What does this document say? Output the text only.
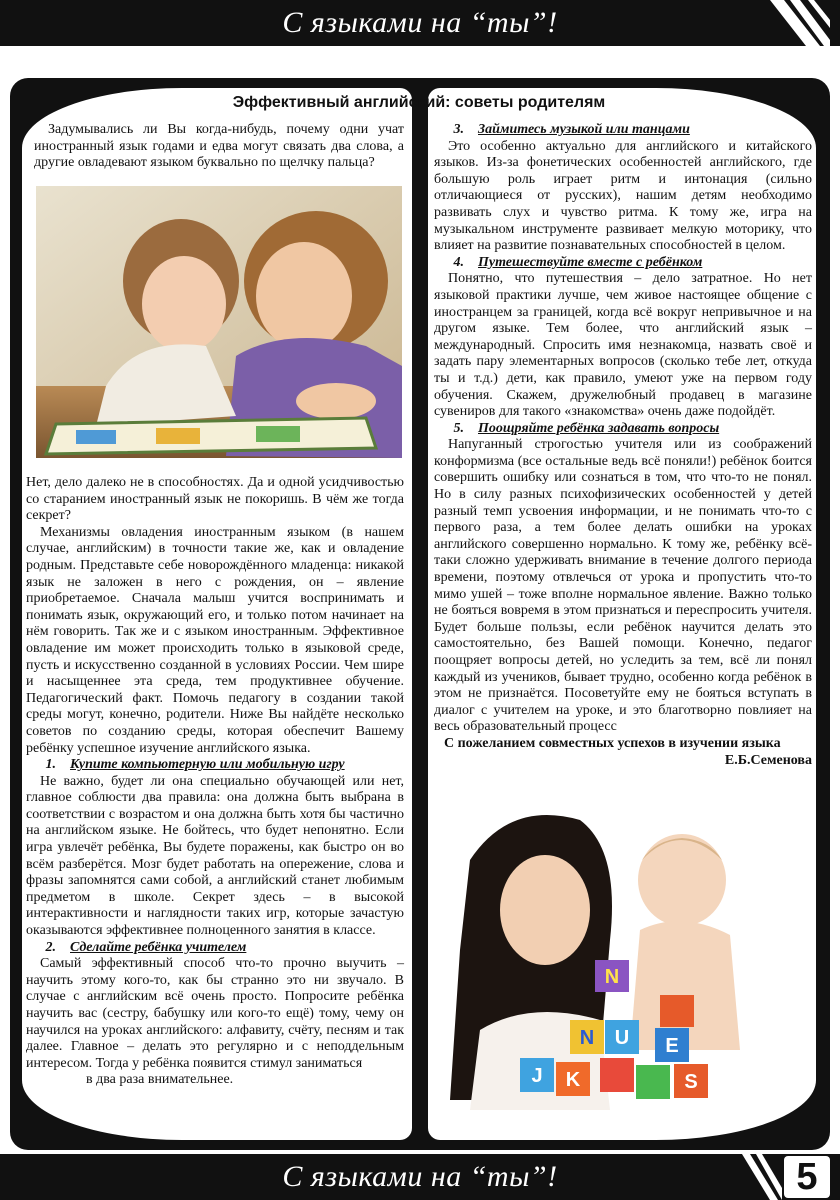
С языками на “ты”!
Эффективный английский: советы родителям

Задумывались ли Вы когда-нибудь, почему одни учат иностранный язык годами и едва могут связать два слова, а другие овладевают языком буквально по щелчку пальца?

Нет, дело далеко не в способностях. Да и одной усидчивостью со старанием иностранный язык не покоришь. В чём же тогда секрет?

Механизмы овладения иностранным языком (в нашем случае, английским) в точности такие же, как и овладение родным. Представьте себе новорождённого младенца: никакой язык не заложен в него с рождения, он – явление приобретаемое. Сначала малыш учится воспринимать и понимать язык, окружающий его, и только потом начинает на нём говорить. Так же и с языком иностранным. Эффективное овладение им может происходить только в языковой среде, пусть и искусственно созданной в условиях России. Чем шире и насыщеннее эта среда, тем продуктивнее обучение. Педагогический факт. Помочь педагогу в создании такой среды могут, конечно, родители. Ниже Вы найдёте несколько советов по созданию среды, которая обеспечит Вашему ребёнку успешное изучение английского языка.

1. Купите компьютерную или мобильную игру

Не важно, будет ли она специально обучающей или нет, главное соблюсти два правила: она должна быть выбрана в соответствии с возрастом и она должна быть хотя бы частично на английском языке. Не бойтесь, что будет непонятно. Если игра увлечёт ребёнка, Вы будете поражены, как быстро он во всём разберётся. Мозг будет работать на опережение, слова и фразы запомнятся сами собой, а английский станет любимым предметом в школе. Секрет здесь – в высокой интерактивности и наглядности таких игр, которые зачастую оказываются эффективнее полноценного занятия в классе.

2. Сделайте ребёнка учителем

Самый эффективный способ что-то прочно выучить – научить этому кого-то, как бы странно это ни звучало. В случае с английским всё очень просто. Попросите ребёнка научить вас (сестру, бабушку или кого-то ещё) тому, чему он научился на уроках английского: алфавиту, счёту, песням и так далее. Главное – делать это регулярно и с неподдельным интересом. Тогда у ребёнка появится стимул заниматься

в два раза внимательнее.

3. Займитесь музыкой или танцами

Это особенно актуально для английского и китайского языков. Из-за фонетических особенностей английского, где большую роль играет ритм и интонация (сильно отличающиеся от русских), нашим детям необходимо развивать слух и чувство ритма. К тому же, игра на музыкальном инструменте развивает мелкую моторику, что влияет на развитие познавательных способностей в целом.

4. Путешествуйте вместе с ребёнком

Понятно, что путешествия – дело затратное. Но нет языковой практики лучше, чем живое настоящее общение с иностранцем за границей, когда всё вокруг непривычное и на другом языке. Тем более, что английский язык – международный. Спросить имя незнакомца, назвать своё и задать пару элементарных вопросов (сколько тебе лет, откуда ты и т.д.) дети, как правило, умеют уже на первом году обучения. Скажем, дружелюбный продавец в магазине сувениров для такого «знакомства» очень даже подойдёт.

5. Поощряйте ребёнка задавать вопросы

Напуганный строгостью учителя или из соображений конформизма (все остальные ведь всё поняли!) ребёнок боится совершить ошибку или сознаться в том, что что-то не понял. Но в силу разных психофизических особенностей у детей разный темп усвоения информации, и не понимать что-то с первого раза, а тем более делать ошибки на уроках английского совершенно нормально. К тому же, ребёнку всё-таки сложно удерживать внимание в течение долгого периода времени, поэтому отвлечься от урока и пропустить что-то мимо ушей – тоже вполне нормальное явление. Важно только не бояться вовремя в этом признаться и переспросить учителя. Будет больше пользы, если ребёнок научится делать это самостоятельно, без Вашей помощи. Конечно, педагог поощряет вопросы детей, но уследить за тем, всё ли понял каждый из учеников, бывает трудно, особенно когда ребёнок в этом не признаётся. Посоветуйте ему не бояться вступать в диалог с учителем на уроке, и это благотворно повлияет на весь образовательный процесс

С пожеланием совместных успехов в изучении языка

Е.Б.Семенова

N
N U E
J K	S
С языками на “ты”!	5
